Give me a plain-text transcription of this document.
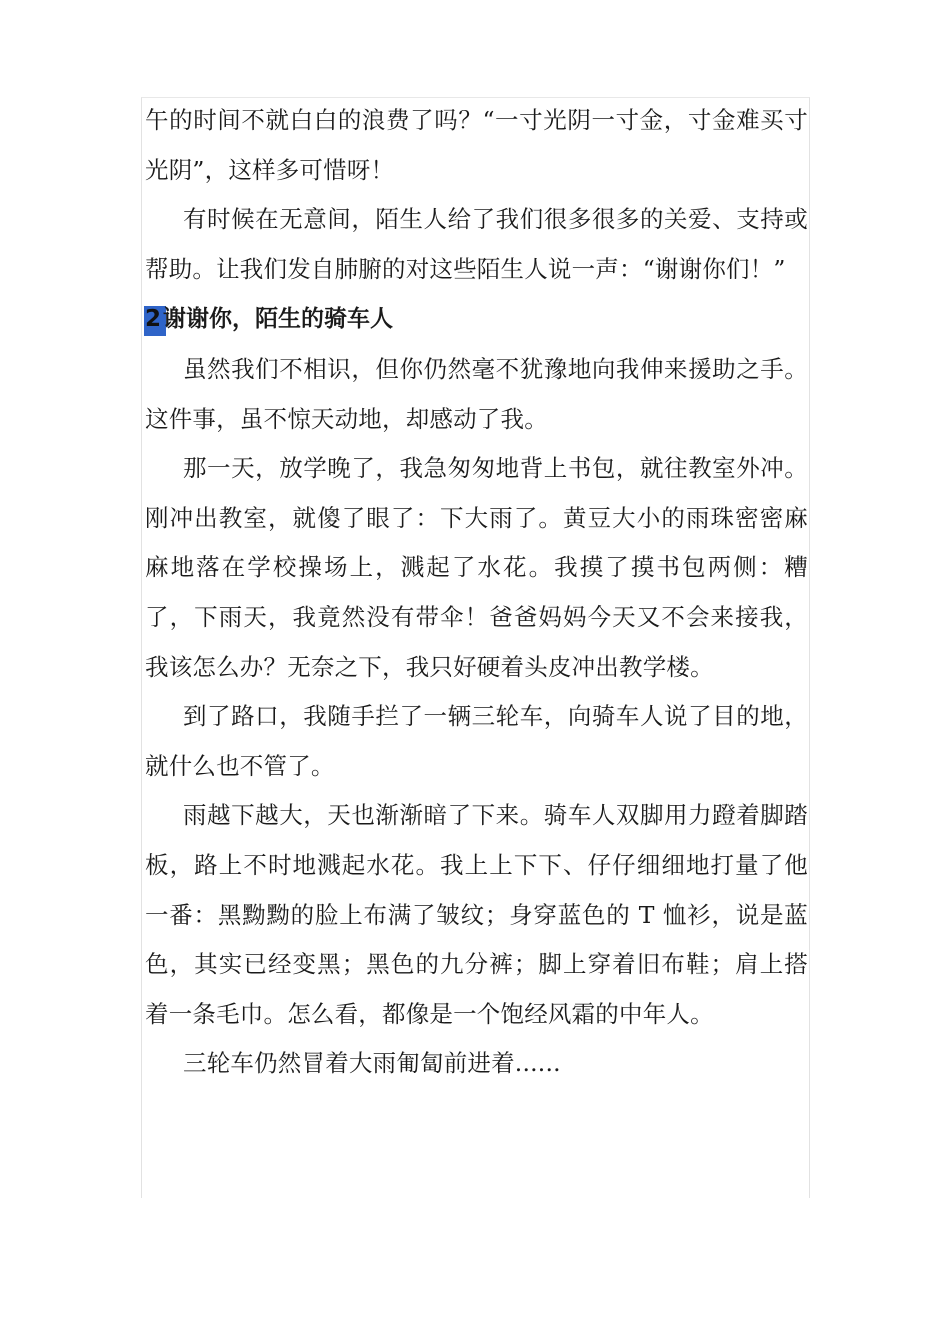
午的时间不就白白的浪费了吗？“一寸光阴一寸金，寸金难买寸光阴”，这样多可惜呀！

有时候在无意间，陌生人给了我们很多很多的关爱、支持或帮助。让我们发自肺腑的对这些陌生人说一声：“谢谢你们！”

2谢谢你，陌生的骑车人

虽然我们不相识，但你仍然毫不犹豫地向我伸来援助之手。这件事，虽不惊天动地，却感动了我。

那一天，放学晚了，我急匆匆地背上书包，就往教室外冲。刚冲出教室，就傻了眼了：下大雨了。黄豆大小的雨珠密密麻麻地落在学校操场上，溅起了水花。我摸了摸书包两侧：糟了，下雨天，我竟然没有带伞！爸爸妈妈今天又不会来接我，我该怎么办？无奈之下，我只好硬着头皮冲出教学楼。

到了路口，我随手拦了一辆三轮车，向骑车人说了目的地，就什么也不管了。

雨越下越大，天也渐渐暗了下来。骑车人双脚用力蹬着脚踏板，路上不时地溅起水花。我上上下下、仔仔细细地打量了他一番：黑黝黝的脸上布满了皱纹；身穿蓝色的 T 恤衫，说是蓝色，其实已经变黑；黑色的九分裤；脚上穿着旧布鞋；肩上搭着一条毛巾。怎么看，都像是一个饱经风霜的中年人。

三轮车仍然冒着大雨匍匐前进着......
